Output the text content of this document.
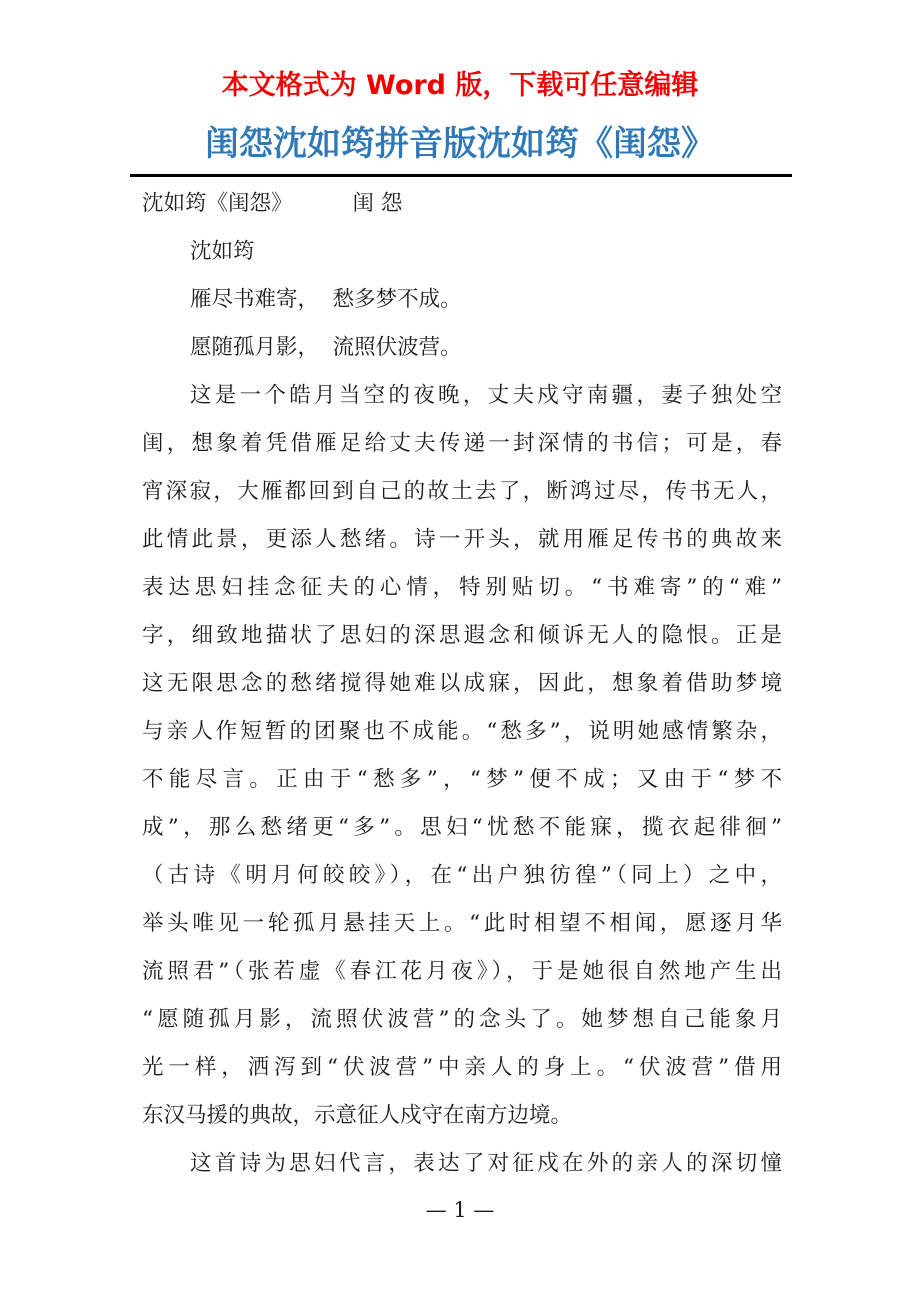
本文格式为 Word 版，下载可任意编辑
闺怨沈如筠拼音版沈如筠《闺怨》
沈如筠《闺怨》	闺 怨
沈如筠
雁尽书难寄，  愁多梦不成。
愿随孤月影，  流照伏波营。
这是一个皓月当空的夜晚，丈夫戍守南疆，妻子独处空
闺，想象着凭借雁足给丈夫传递一封深情的书信；可是，春
宵深寂，大雁都回到自己的故土去了，断鸿过尽，传书无人，
此情此景，更添人愁绪。诗一开头，就用雁足传书的典故来
表达思妇挂念征夫的心情，特别贴切。“书难寄”的“难”
字，细致地描状了思妇的深思遐念和倾诉无人的隐恨。正是
这无限思念的愁绪搅得她难以成寐，因此，想象着借助梦境
与亲人作短暂的团聚也不成能。“愁多”，说明她感情繁杂，
不能尽言。正由于“愁多”，“梦”便不成；又由于“梦不
成”，那么愁绪更“多”。思妇“忧愁不能寐，揽衣起徘徊”
（古诗《明月何皎皎》），在“出户独彷徨”（同上）之中，
举头唯见一轮孤月悬挂天上。“此时相望不相闻，愿逐月华
流照君”（张若虚《春江花月夜》），于是她很自然地产生出
“愿随孤月影，流照伏波营”的念头了。她梦想自己能象月
光一样，洒泻到“伏波营”中亲人的身上。“伏波营”借用
东汉马援的典故，示意征人戍守在南方边境。
这首诗为思妇代言，表达了对征戍在外的亲人的深切憧
— 1 —
